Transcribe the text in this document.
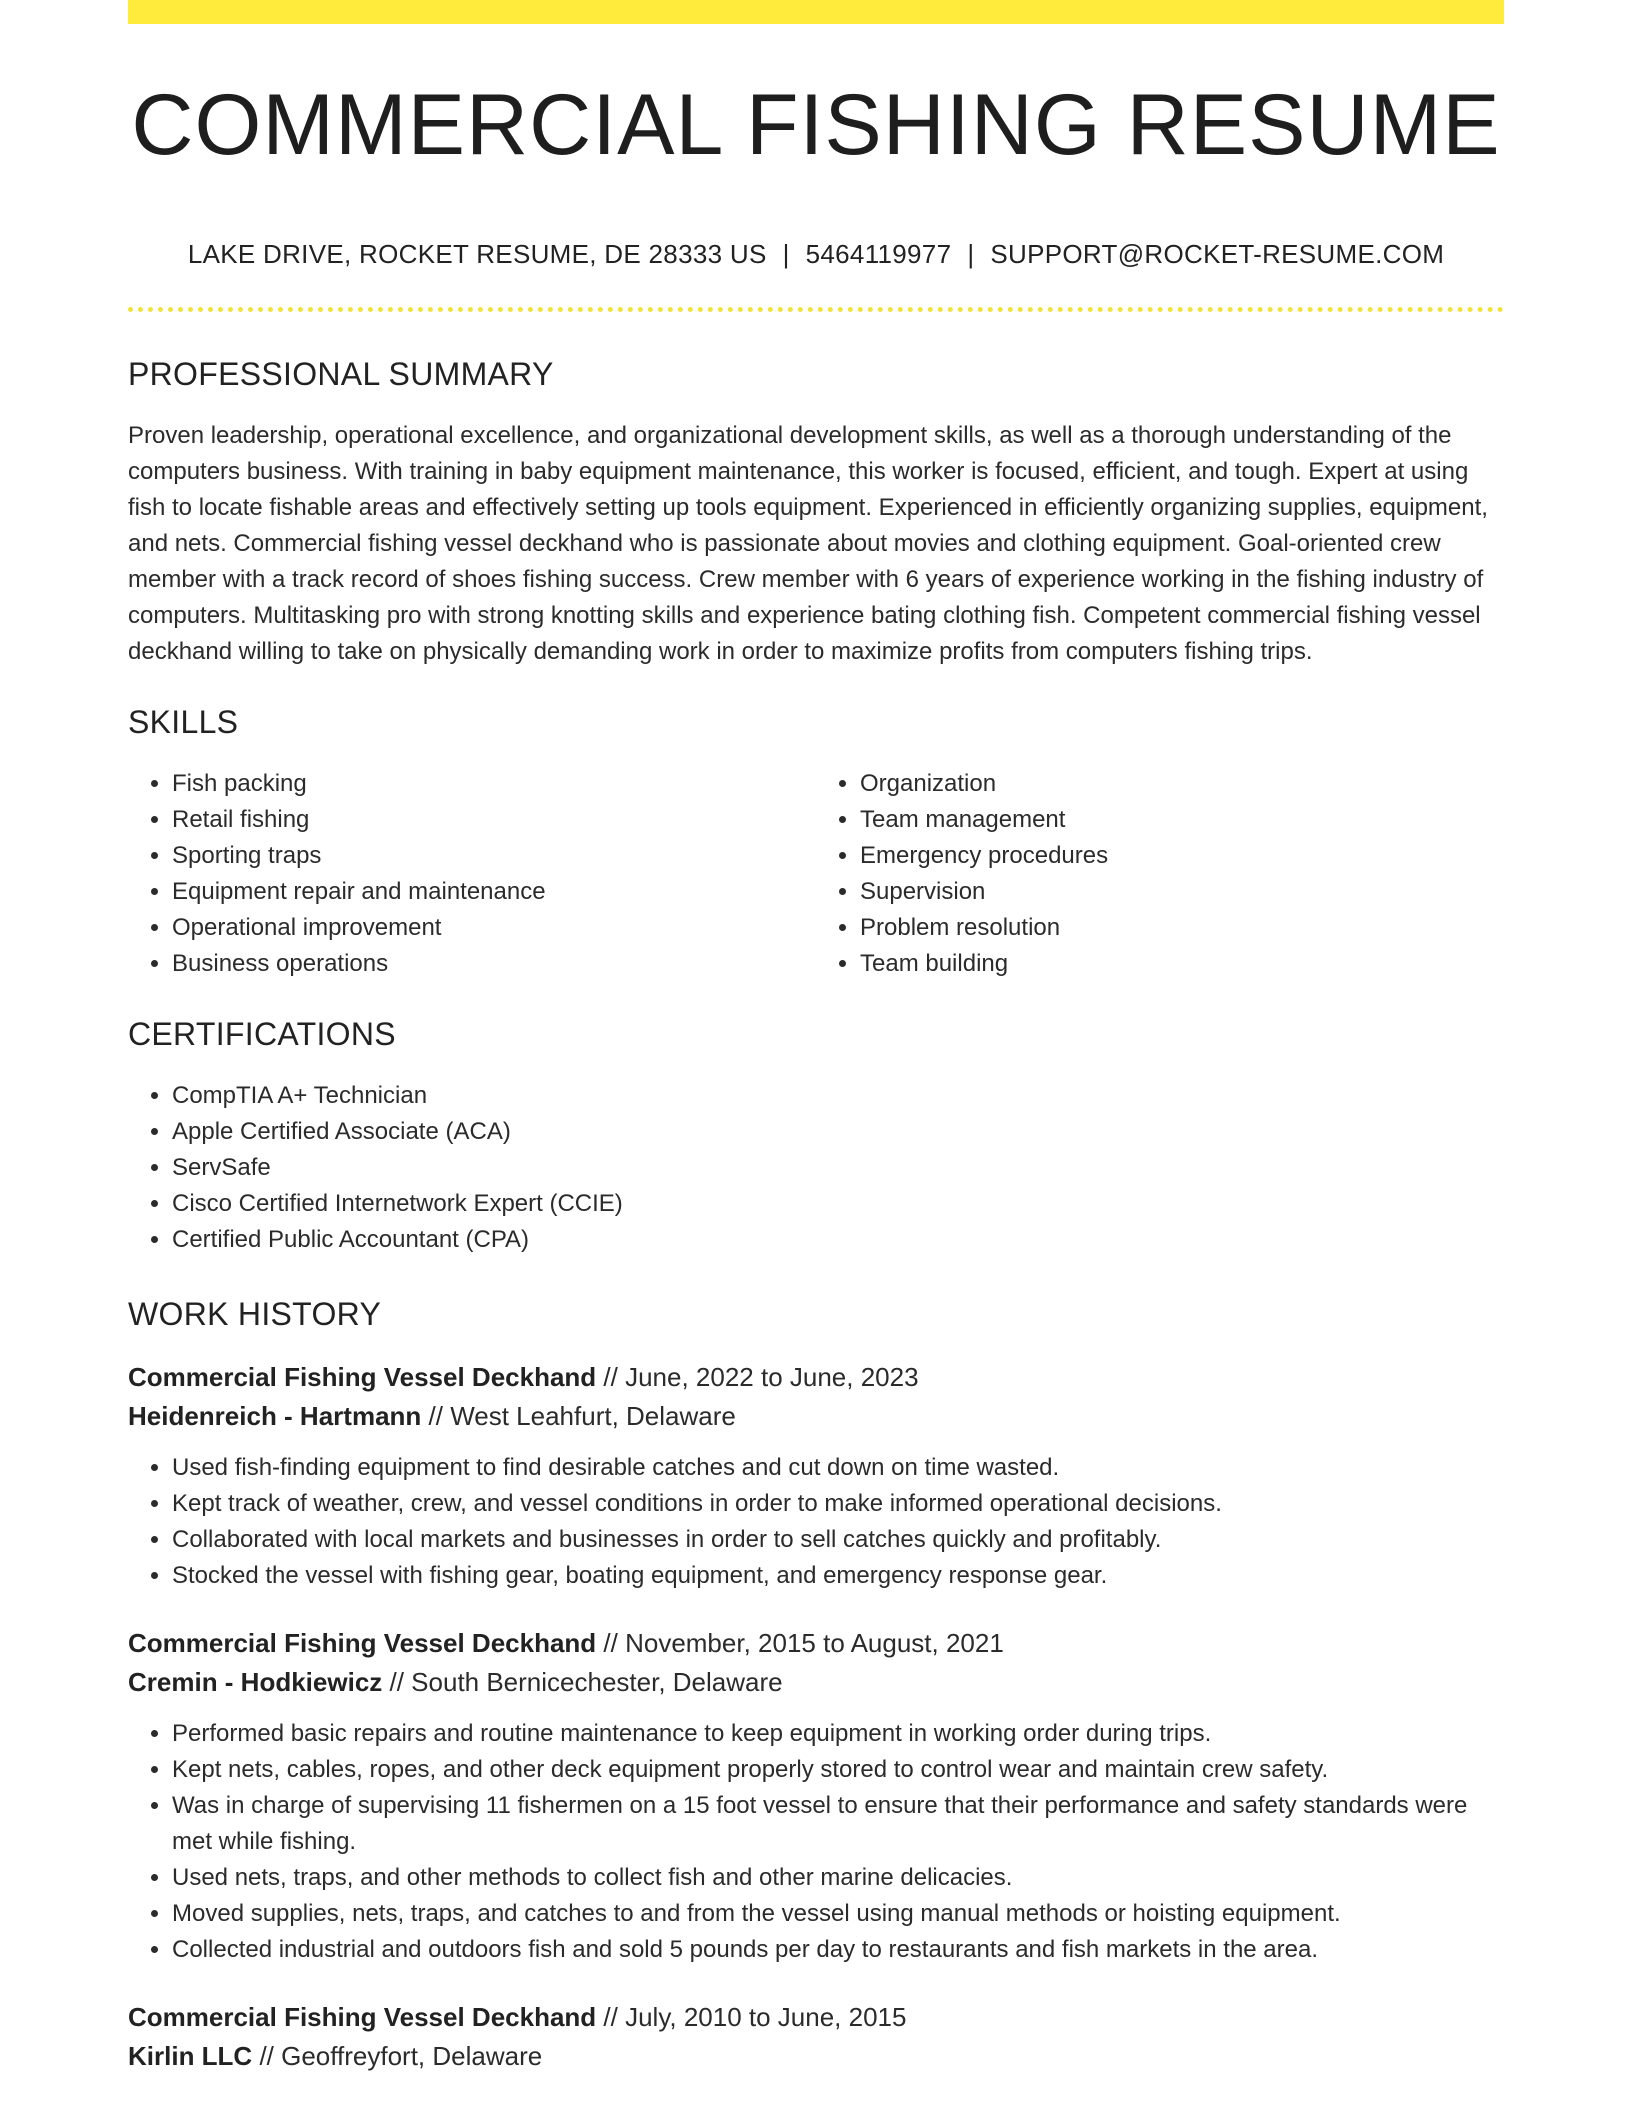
COMMERCIAL FISHING RESUME
LAKE DRIVE, ROCKET RESUME, DE 28333 US | 5464119977 | SUPPORT@ROCKET-RESUME.COM
PROFESSIONAL SUMMARY

Proven leadership, operational excellence, and organizational development skills, as well as a thorough understanding of the computers business. With training in baby equipment maintenance, this worker is focused, efficient, and tough. Expert at using fish to locate fishable areas and effectively setting up tools equipment. Experienced in efficiently organizing supplies, equipment, and nets. Commercial fishing vessel deckhand who is passionate about movies and clothing equipment. Goal-oriented crew member with a track record of shoes fishing success. Crew member with 6 years of experience working in the fishing industry of computers. Multitasking pro with strong knotting skills and experience bating clothing fish. Competent commercial fishing vessel deckhand willing to take on physically demanding work in order to maximize profits from computers fishing trips.

SKILLS
• Fish packing
• Retail fishing
• Sporting traps
• Equipment repair and maintenance
• Operational improvement
• Business operations
• Organization
• Team management
• Emergency procedures
• Supervision
• Problem resolution
• Team building
CERTIFICATIONS
• CompTIA A+ Technician
• Apple Certified Associate (ACA)
• ServSafe
• Cisco Certified Internetwork Expert (CCIE)
• Certified Public Accountant (CPA)
WORK HISTORY
Commercial Fishing Vessel Deckhand // June, 2022 to June, 2023
Heidenreich - Hartmann // West Leahfurt, Delaware
• Used fish-finding equipment to find desirable catches and cut down on time wasted.
• Kept track of weather, crew, and vessel conditions in order to make informed operational decisions.
• Collaborated with local markets and businesses in order to sell catches quickly and profitably.
• Stocked the vessel with fishing gear, boating equipment, and emergency response gear.
Commercial Fishing Vessel Deckhand // November, 2015 to August, 2021
Cremin - Hodkiewicz // South Bernicechester, Delaware
• Performed basic repairs and routine maintenance to keep equipment in working order during trips.
• Kept nets, cables, ropes, and other deck equipment properly stored to control wear and maintain crew safety.
• Was in charge of supervising 11 fishermen on a 15 foot vessel to ensure that their performance and safety standards were met while fishing.
• Used nets, traps, and other methods to collect fish and other marine delicacies.
• Moved supplies, nets, traps, and catches to and from the vessel using manual methods or hoisting equipment.
• Collected industrial and outdoors fish and sold 5 pounds per day to restaurants and fish markets in the area.
Commercial Fishing Vessel Deckhand // July, 2010 to June, 2015
Kirlin LLC // Geoffreyfort, Delaware
